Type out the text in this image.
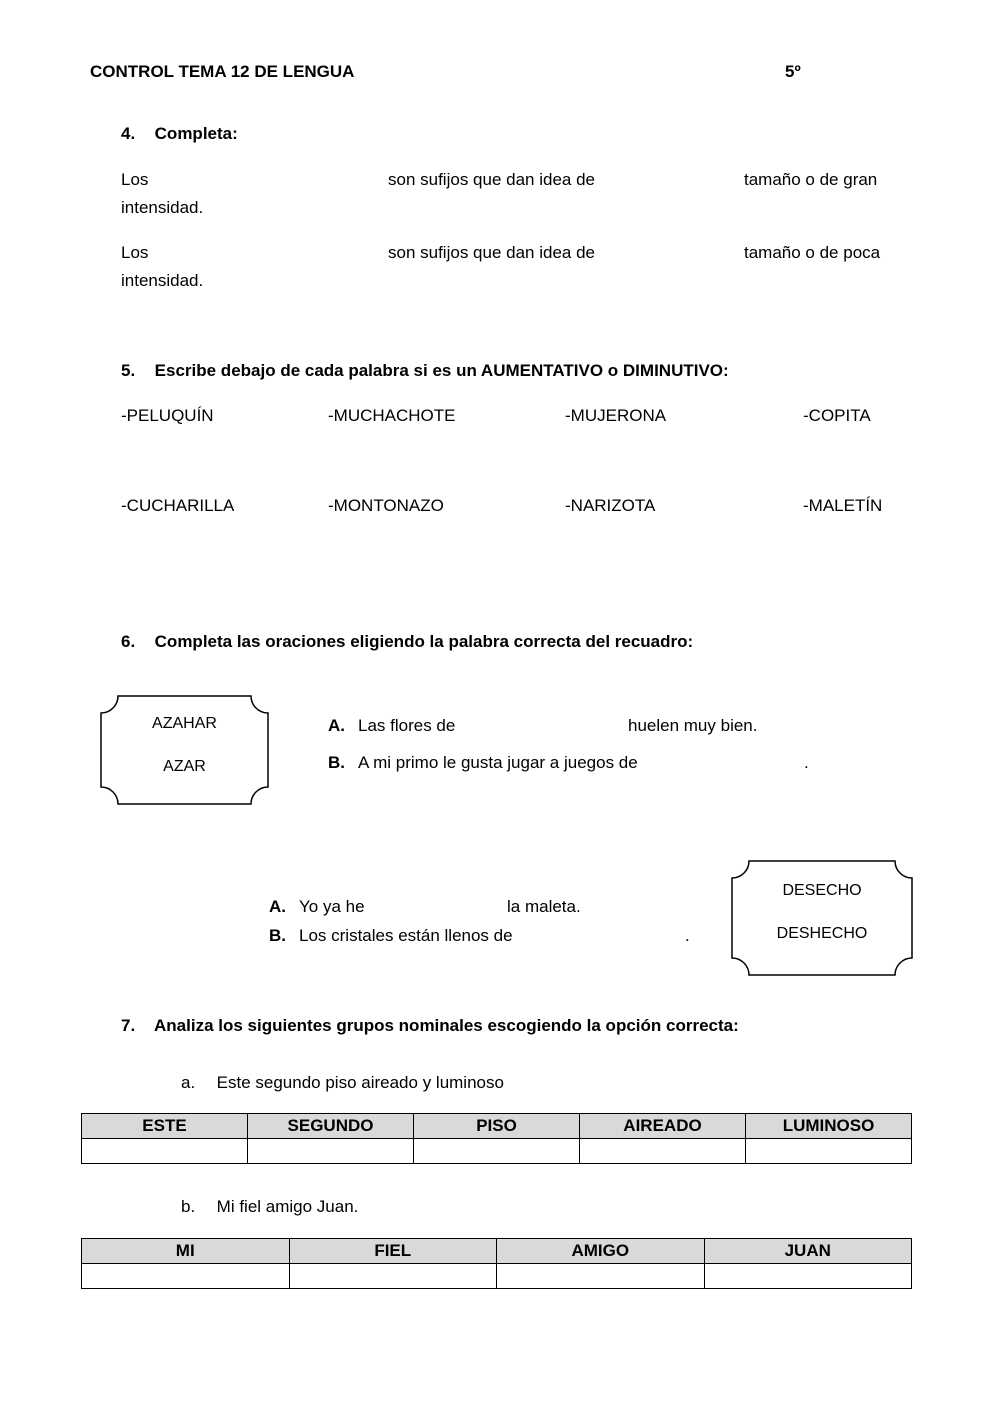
CONTROL TEMA 12 DE LENGUA	5º
4. Completa:
Los	son sufijos que dan idea de	tamaño o de gran
intensidad.
Los	son sufijos que dan idea de	tamaño o de poca
intensidad.
5. Escribe debajo de cada palabra si es un AUMENTATIVO o DIMINUTIVO:
-PELUQUÍN	-MUCHACHOTE	-MUJERONA	-COPITA
-CUCHARILLA	-MONTONAZO	-NARIZOTA	-MALETÍN
6. Completa las oraciones eligiendo la palabra correcta del recuadro:
AZAHAR
AZAR
A. Las flores de	huelen muy bien.
B. A mi primo le gusta jugar a juegos de	.
A. Yo ya he	la maleta.
B. Los cristales están llenos de	.
DESECHO
DESHECHO
7. Analiza los siguientes grupos nominales escogiendo la opción correcta:
a. Este segundo piso aireado y luminoso
ESTE	SEGUNDO	PISO	AIREADO	LUMINOSO

b. Mi fiel amigo Juan.
MI	FIEL	AMIGO	JUAN
